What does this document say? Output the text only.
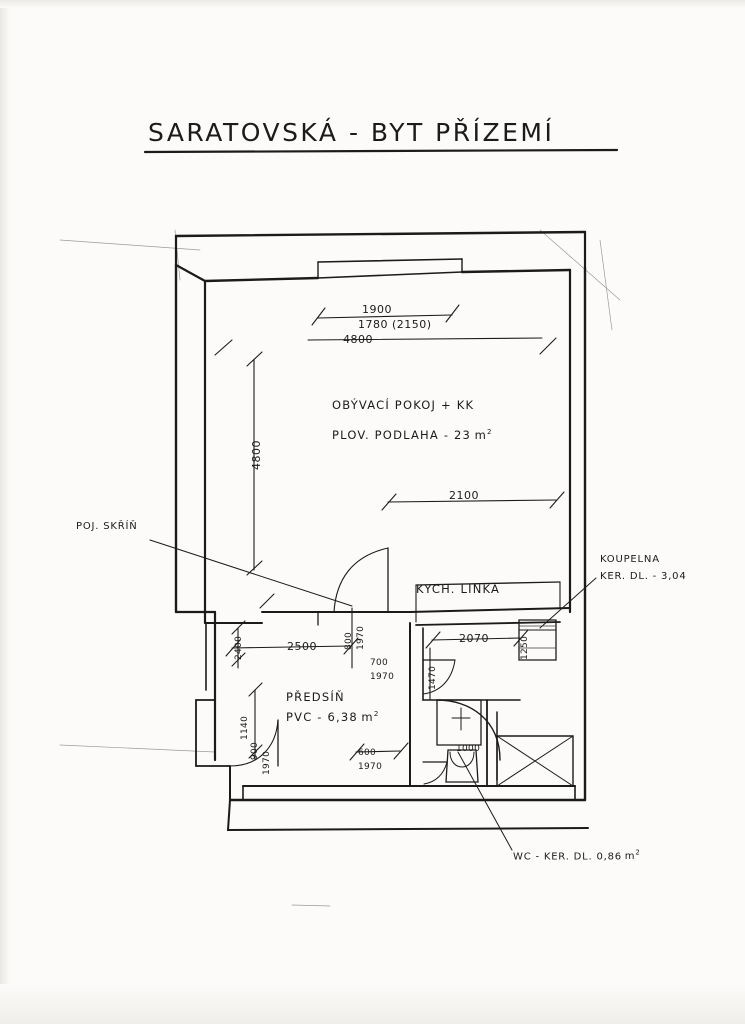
SARATOVSKÁ - BYT PŘÍZEMÍ
OBÝVACÍ POKOJ + KK
PLOV. PODLAHA - 23 $m^2$
KYCH. LINKA
PŘEDSÍŇ
PVC - 6,38 $m^2$
KOUPELNA
KER. DL. - 3,04
WC - KER. DL. 0,86 $m^2$
POJ. SKŘÍŇ
1900
1780 (2150)
4800
4800
2100
2500
2070
800 1970
700
1970
600
1970
900 1970
1140
1470
2400
1000
1250
